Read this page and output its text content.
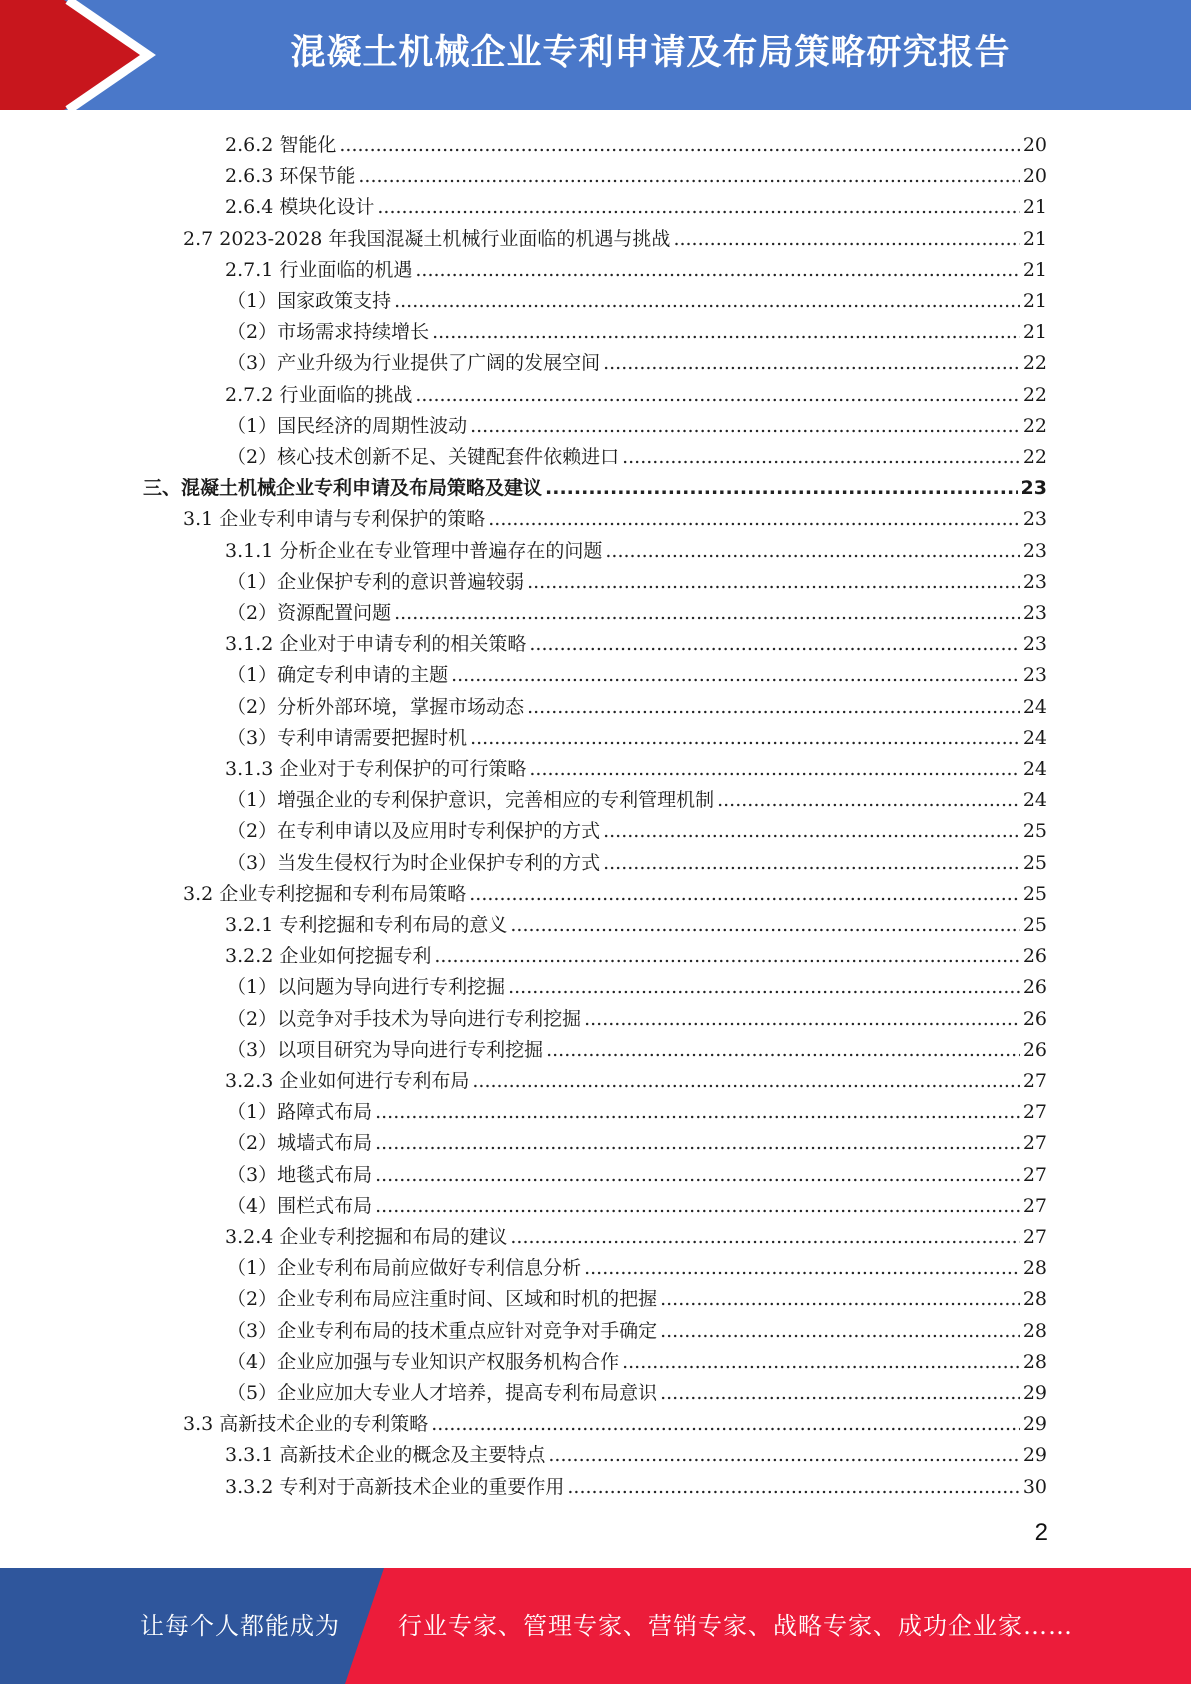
混凝土机械企业专利申请及布局策略研究报告
2.6.2 智能化 .....	20
2.6.3 环保节能 .....	20
2.6.4 模块化设计 .....	21
2.7 2023-2028 年我国混凝土机械行业面临的机遇与挑战 .....	21
2.7.1 行业面临的机遇 .....	21
（1）国家政策支持 .....	21
（2）市场需求持续增长 .....	21
（3）产业升级为行业提供了广阔的发展空间 .....	22
2.7.2 行业面临的挑战 .....	22
（1）国民经济的周期性波动 .....	22
（2）核心技术创新不足、关键配套件依赖进口 .....	22
三、混凝土机械企业专利申请及布局策略及建议 .....	23
3.1 企业专利申请与专利保护的策略 .....	23
3.1.1 分析企业在专业管理中普遍存在的问题 .....	23
（1）企业保护专利的意识普遍较弱 .....	23
（2）资源配置问题 .....	23
3.1.2 企业对于申请专利的相关策略 .....	23
（1）确定专利申请的主题 .....	23
（2）分析外部环境，掌握市场动态 .....	24
（3）专利申请需要把握时机 .....	24
3.1.3 企业对于专利保护的可行策略 .....	24
（1）增强企业的专利保护意识，完善相应的专利管理机制 .....	24
（2）在专利申请以及应用时专利保护的方式 .....	25
（3）当发生侵权行为时企业保护专利的方式 .....	25
3.2 企业专利挖掘和专利布局策略 .....	25
3.2.1 专利挖掘和专利布局的意义 .....	25
3.2.2 企业如何挖掘专利 .....	26
（1）以问题为导向进行专利挖掘 .....	26
（2）以竞争对手技术为导向进行专利挖掘 .....	26
（3）以项目研究为导向进行专利挖掘 .....	26
3.2.3 企业如何进行专利布局 .....	27
（1）路障式布局 .....	27
（2）城墙式布局 .....	27
（3）地毯式布局 .....	27
（4）围栏式布局 .....	27
3.2.4 企业专利挖掘和布局的建议 .....	27
（1）企业专利布局前应做好专利信息分析 .....	28
（2）企业专利布局应注重时间、区域和时机的把握 .....	28
（3）企业专利布局的技术重点应针对竞争对手确定 .....	28
（4）企业应加强与专业知识产权服务机构合作 .....	28
（5）企业应加大专业人才培养，提高专利布局意识 .....	29
3.3 高新技术企业的专利策略 .....	29
3.3.1 高新技术企业的概念及主要特点 .....	29
3.3.2 专利对于高新技术企业的重要作用 .....	30
2
让每个人都能成为 行业专家、管理专家、营销专家、战略专家、成功企业家……
